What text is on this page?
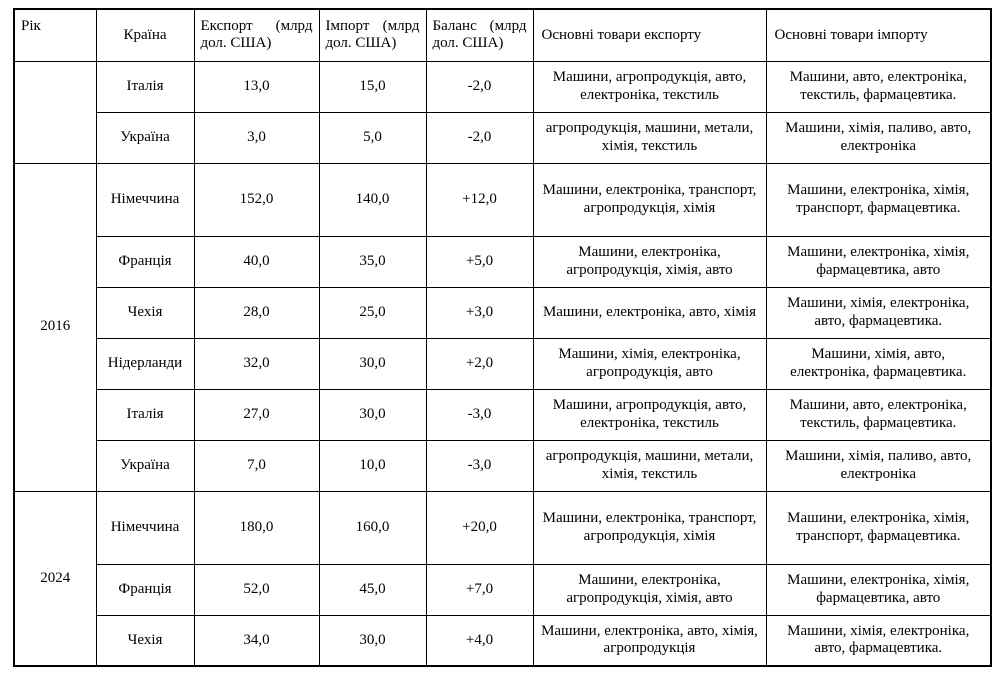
Рік	Країна	Експорт (млрд дол. США)	Імпорт (млрд дол. США)	Баланс (млрд дол. США)	Основні товари експорту	Основні товари імпорту
	Італія	13,0	15,0	-2,0	Машини, агропродукція, авто, електроніка, текстиль	Машини, авто, електроніка, текстиль, фармацевтика.
	Україна	3,0	5,0	-2,0	агропродукція, машини, метали, хімія, текстиль	Машини, хімія, паливо, авто, електроніка
2016	Німеччина	152,0	140,0	+12,0	Машини, електроніка, транспорт, агропродукція, хімія	Машини, електроніка, хімія, транспорт, фармацевтика.
	Франція	40,0	35,0	+5,0	Машини, електроніка, агропродукція, хімія, авто	Машини, електроніка, хімія, фармацевтика, авто
	Чехія	28,0	25,0	+3,0	Машини, електроніка, авто, хімія	Машини, хімія, електроніка, авто, фармацевтика.
	Нідерланди	32,0	30,0	+2,0	Машини, хімія, електроніка, агропродукція, авто	Машини, хімія, авто, електроніка, фармацевтика.
	Італія	27,0	30,0	-3,0	Машини, агропродукція, авто, електроніка, текстиль	Машини, авто, електроніка, текстиль, фармацевтика.
	Україна	7,0	10,0	-3,0	агропродукція, машини, метали, хімія, текстиль	Машини, хімія, паливо, авто, електроніка
2024	Німеччина	180,0	160,0	+20,0	Машини, електроніка, транспорт, агропродукція, хімія	Машини, електроніка, хімія, транспорт, фармацевтика.
	Франція	52,0	45,0	+7,0	Машини, електроніка, агропродукція, хімія, авто	Машини, електроніка, хімія, фармацевтика, авто
	Чехія	34,0	30,0	+4,0	Машини, електроніка, авто, хімія, агропродукція	Машини, хімія, електроніка, авто, фармацевтика.
